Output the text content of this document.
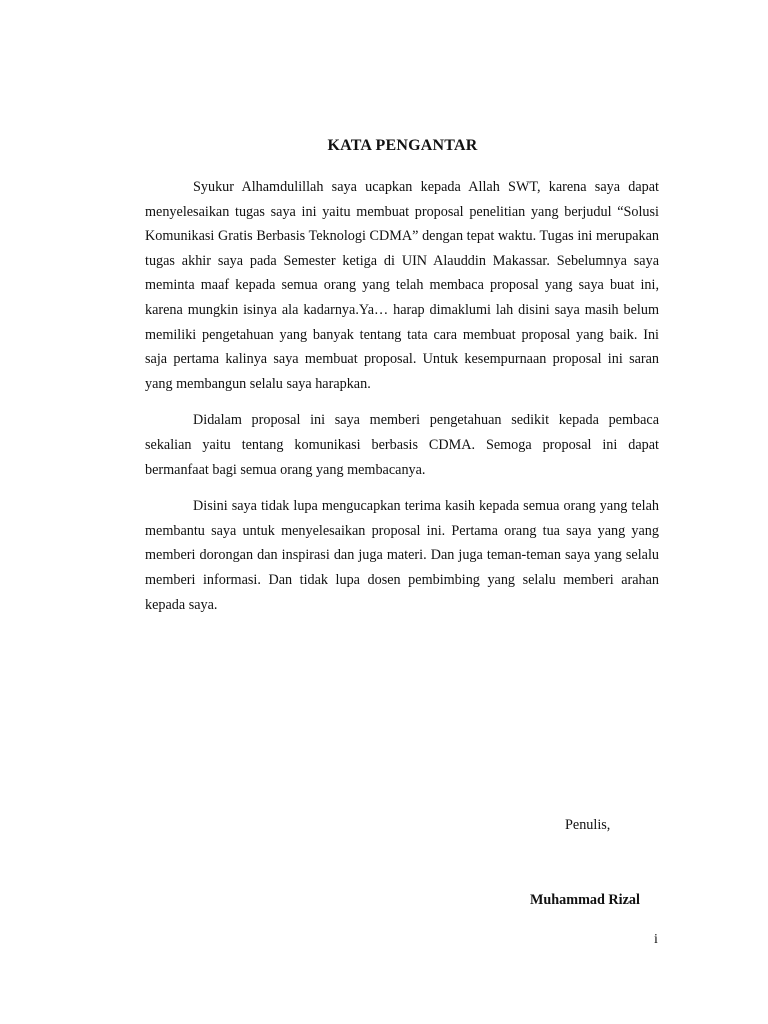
KATA PENGANTAR

Syukur Alhamdulillah saya ucapkan kepada Allah SWT, karena saya dapat menyelesaikan tugas saya ini yaitu membuat proposal penelitian yang berjudul “Solusi Komunikasi Gratis Berbasis Teknologi CDMA” dengan tepat waktu. Tugas ini merupakan tugas akhir saya pada Semester ketiga di UIN Alauddin Makassar. Sebelumnya saya meminta maaf kepada semua orang yang telah membaca proposal yang saya buat ini, karena mungkin isinya ala kadarnya.Ya… harap dimaklumi lah disini saya masih belum memiliki pengetahuan yang banyak tentang tata cara membuat proposal yang baik. Ini saja pertama kalinya saya membuat proposal. Untuk kesempurnaan proposal ini saran yang membangun selalu saya harapkan.

Didalam proposal ini saya memberi pengetahuan sedikit kepada pembaca sekalian yaitu tentang komunikasi berbasis CDMA. Semoga proposal ini dapat bermanfaat bagi semua orang yang membacanya.

Disini saya tidak lupa mengucapkan terima kasih kepada semua orang yang telah membantu saya untuk menyelesaikan proposal ini. Pertama orang tua saya yang yang memberi dorongan dan inspirasi dan juga materi. Dan juga teman-teman saya yang selalu memberi informasi. Dan tidak lupa dosen pembimbing yang selalu memberi arahan kepada saya.

Penulis,
Muhammad Rizal
i
